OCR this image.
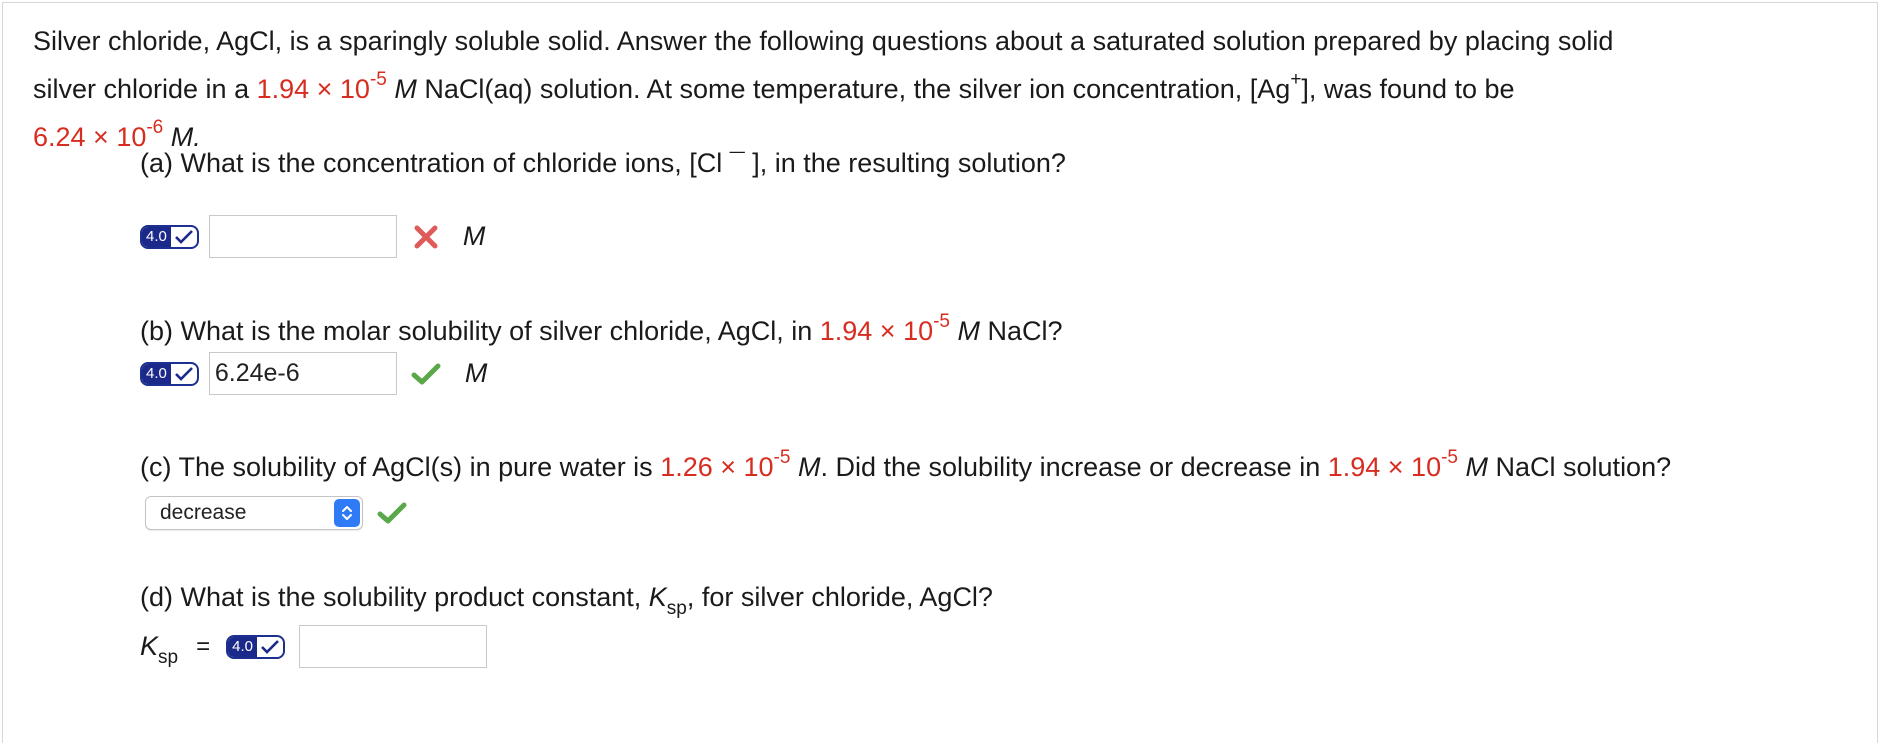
Silver chloride, AgCl, is a sparingly soluble solid. Answer the following questions about a saturated solution prepared by placing solid
silver chloride in a $1.94 \times 10^{-5}$ M NaCl(aq) solution. At some temperature, the silver ion concentration, [Ag+], was found to be
$6.24 \times 10^{-6}$ M.
(a) What is the concentration of chloride ions, [Cl ¯ ], in the resulting solution?
4.0	M
(b) What is the molar solubility of silver chloride, AgCl, in $1.94 \times 10^{-5}$ M NaCl?
4.0
6.24e-6	M
(c) The solubility of AgCl(s) in pure water is $1.26 \times 10^{-5}$ M. Did the solubility increase or decrease in $1.94 \times 10^{-5}$ M NaCl solution?
decrease
(d) What is the solubility product constant, $K_{sp}$, for silver chloride, AgCl?
$K_{sp} = 4.0$
